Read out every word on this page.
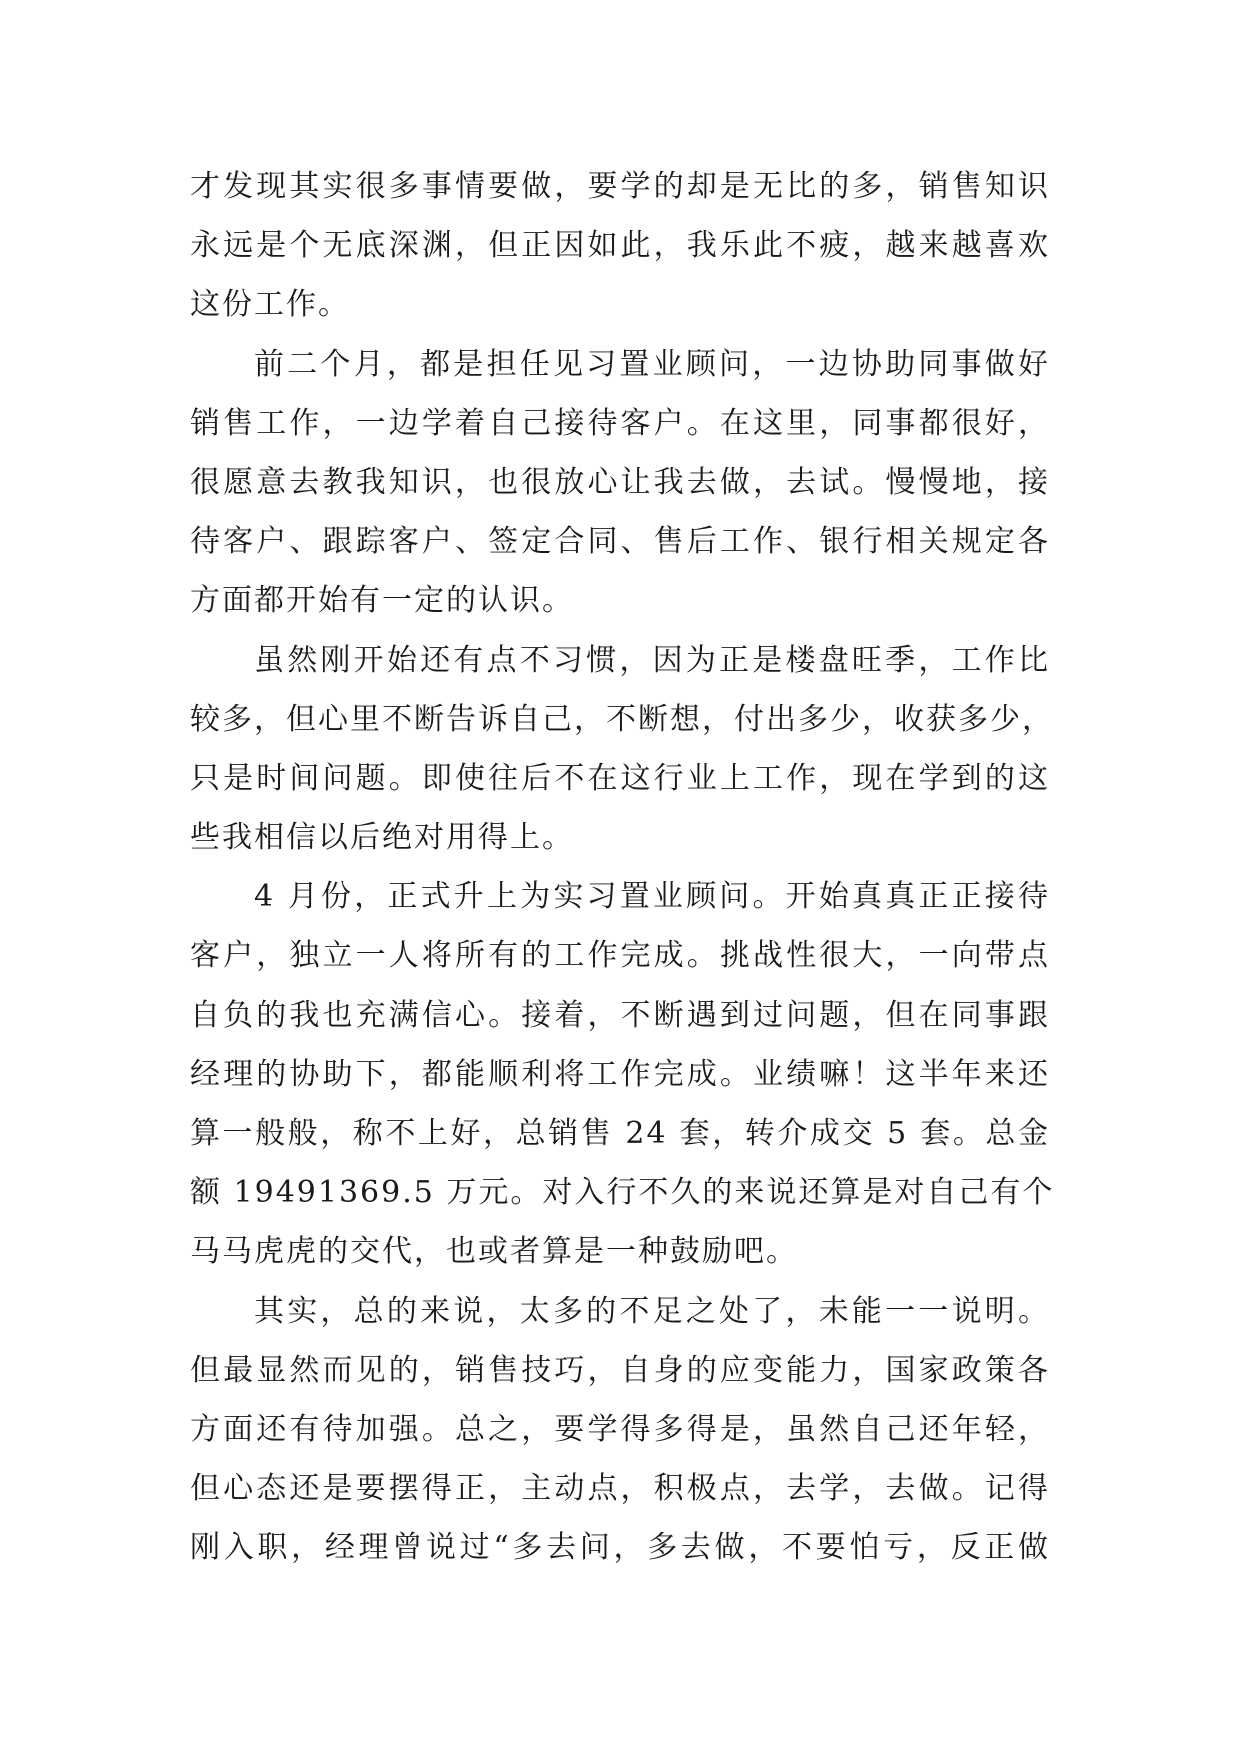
才发现其实很多事情要做，要学的却是无比的多，销售知识
永远是个无底深渊，但正因如此，我乐此不疲，越来越喜欢
这份工作。
前二个月，都是担任见习置业顾问，一边协助同事做好
销售工作，一边学着自己接待客户。在这里，同事都很好，
很愿意去教我知识，也很放心让我去做，去试。慢慢地，接
待客户、跟踪客户、签定合同、售后工作、银行相关规定各
方面都开始有一定的认识。
虽然刚开始还有点不习惯，因为正是楼盘旺季，工作比
较多，但心里不断告诉自己，不断想，付出多少，收获多少，
只是时间问题。即使往后不在这行业上工作，现在学到的这
些我相信以后绝对用得上。
4 月份，正式升上为实习置业顾问。开始真真正正接待
客户，独立一人将所有的工作完成。挑战性很大，一向带点
自负的我也充满信心。接着，不断遇到过问题，但在同事跟
经理的协助下，都能顺利将工作完成。业绩嘛！这半年来还
算一般般，称不上好，总销售 24 套，转介成交 5 套。总金
额 19491369.5 万元。对入行不久的来说还算是对自己有个
马马虎虎的交代，也或者算是一种鼓励吧。
其实，总的来说，太多的不足之处了，未能一一说明。
但最显然而见的，销售技巧，自身的应变能力，国家政策各
方面还有待加强。总之，要学得多得是，虽然自己还年轻，
但心态还是要摆得正，主动点，积极点，去学，去做。记得
刚入职，经理曾说过“多去问，多去做，不要怕亏，反正做
